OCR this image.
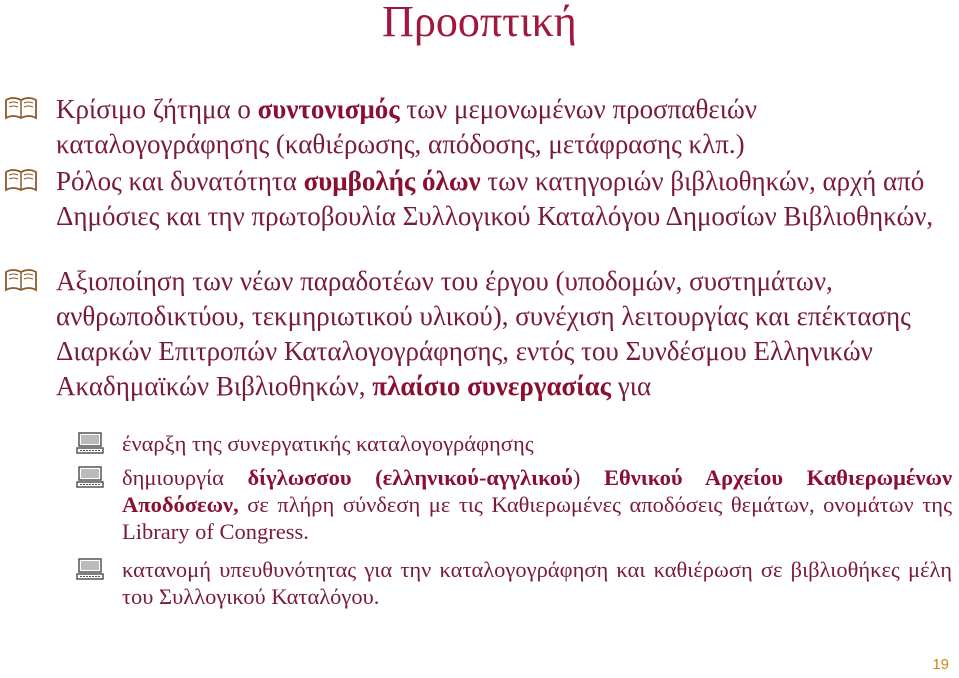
Προοπτική
Κρίσιμο ζήτημα ο συντονισμός των μεμονωμένων προσπαθειών καταλογογράφησης (καθιέρωσης, απόδοσης, μετάφρασης κλπ.)
Ρόλος και δυνατότητα συμβολής όλων των κατηγοριών βιβλιοθηκών, αρχή από Δημόσιες και την πρωτοβουλία Συλλογικού Καταλόγου Δημοσίων Βιβλιοθηκών,
Αξιοποίηση των νέων παραδοτέων του έργου (υποδομών, συστημάτων, ανθρωποδικτύου, τεκμηριωτικού υλικού), συνέχιση λειτουργίας και επέκτασης Διαρκών Επιτροπών Καταλογογράφησης, εντός του Συνδέσμου Ελληνικών Ακαδημαϊκών Βιβλιοθηκών, πλαίσιο συνεργασίας για
έναρξη της συνεργατικής καταλογογράφησης
δημιουργία δίγλωσσου (ελληνικού-αγγλικού) Εθνικού Αρχείου Καθιερωμένων Αποδόσεων, σε πλήρη σύνδεση με τις Καθιερωμένες αποδόσεις θεμάτων, ονομάτων της Library of Congress.
κατανομή υπευθυνότητας για την καταλογογράφηση και καθιέρωση σε βιβλιοθήκες μέλη του Συλλογικού Καταλόγου.
19
